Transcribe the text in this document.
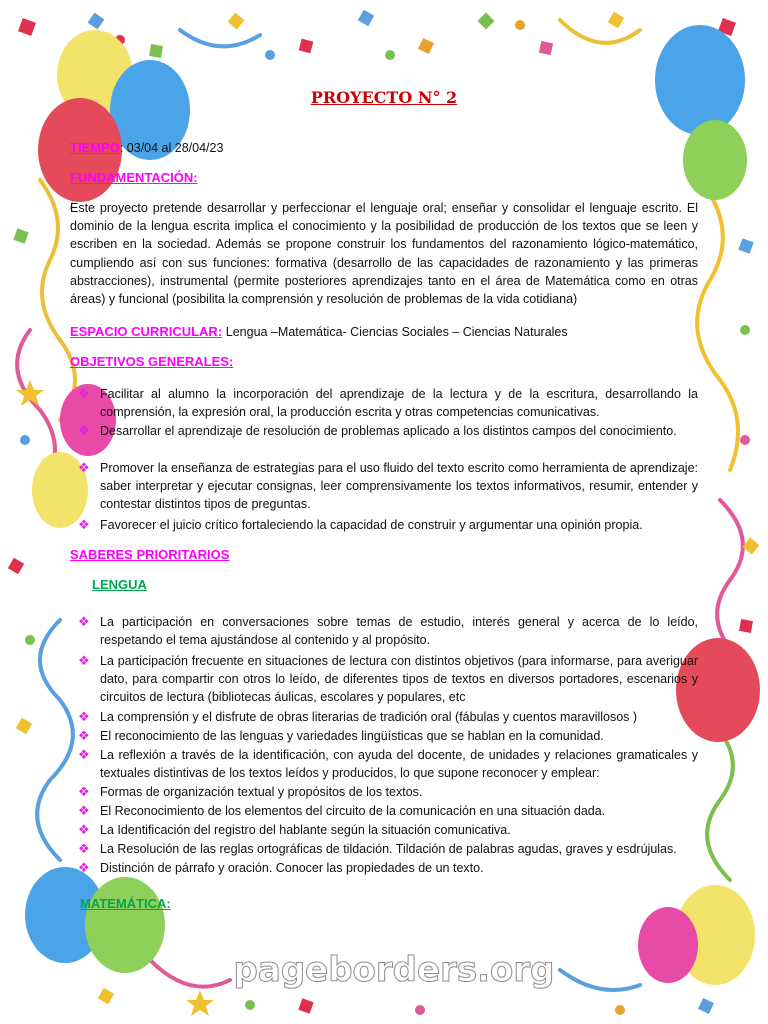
PROYECTO N° 2
TIEMPO: 03/04 al 28/04/23
FUNDAMENTACIÓN:
Este proyecto pretende desarrollar y perfeccionar el lenguaje oral; enseñar y consolidar el lenguaje escrito. El dominio de la lengua escrita implica el conocimiento y la posibilidad de producción de los textos que se leen y escriben en la sociedad. Además se propone construir los fundamentos del razonamiento lógico-matemático, cumpliendo así con sus funciones: formativa (desarrollo de las capacidades de razonamiento y las primeras abstracciones), instrumental (permite posteriores aprendizajes tanto en el área de Matemática como en otras áreas) y funcional (posibilita la comprensión y resolución de problemas de la vida cotidiana)
ESPACIO CURRICULAR: Lengua –Matemática- Ciencias Sociales – Ciencias Naturales
OBJETIVOS GENERALES:
❖ Facilitar al alumno la incorporación del aprendizaje de la lectura y de la escritura, desarrollando la comprensión, la expresión oral, la producción escrita y otras competencias comunicativas.
❖ Desarrollar el aprendizaje de resolución de problemas aplicado a los distintos campos del conocimiento.
❖ Promover la enseñanza de estrategias para el uso fluido del texto escrito como herramienta de aprendizaje: saber interpretar y ejecutar consignas, leer comprensivamente los textos informativos, resumir, entender y contestar distintos tipos de preguntas.
❖ Favorecer el juicio crítico fortaleciendo la capacidad de construir y argumentar una opinión propia.
SABERES PRIORITARIOS
LENGUA
❖ La participación en conversaciones sobre temas de estudio, interés general y acerca de lo leído, respetando el tema ajustándose al contenido y al propósito.
❖ La participación frecuente en situaciones de lectura con distintos objetivos (para informarse, para averiguar dato, para compartir con otros lo leído, de diferentes tipos de textos en diversos portadores, escenarios y circuitos de lectura (bibliotecas áulicas, escolares y populares, etc
❖ La comprensión y el disfrute de obras literarias de tradición oral (fábulas y cuentos maravillosos )
❖ El reconocimiento de las lenguas y variedades lingüísticas que se hablan en la comunidad.
❖ La reflexión a través de la identificación, con ayuda del docente, de unidades y relaciones gramaticales y textuales distintivas de los textos leídos y producidos, lo que supone reconocer y emplear:
❖ Formas de organización textual y propósitos de los textos.
❖ El Reconocimiento de los elementos del circuito de la comunicación en una situación dada.
❖ La Identificación del registro del hablante según la situación comunicativa.
❖ La Resolución de las reglas ortográficas de tildación. Tildación de palabras agudas, graves y esdrújulas.
❖ Distinción de párrafo y oración. Conocer las propiedades de un texto.
MATEMÁTICA:
pageborders.org
